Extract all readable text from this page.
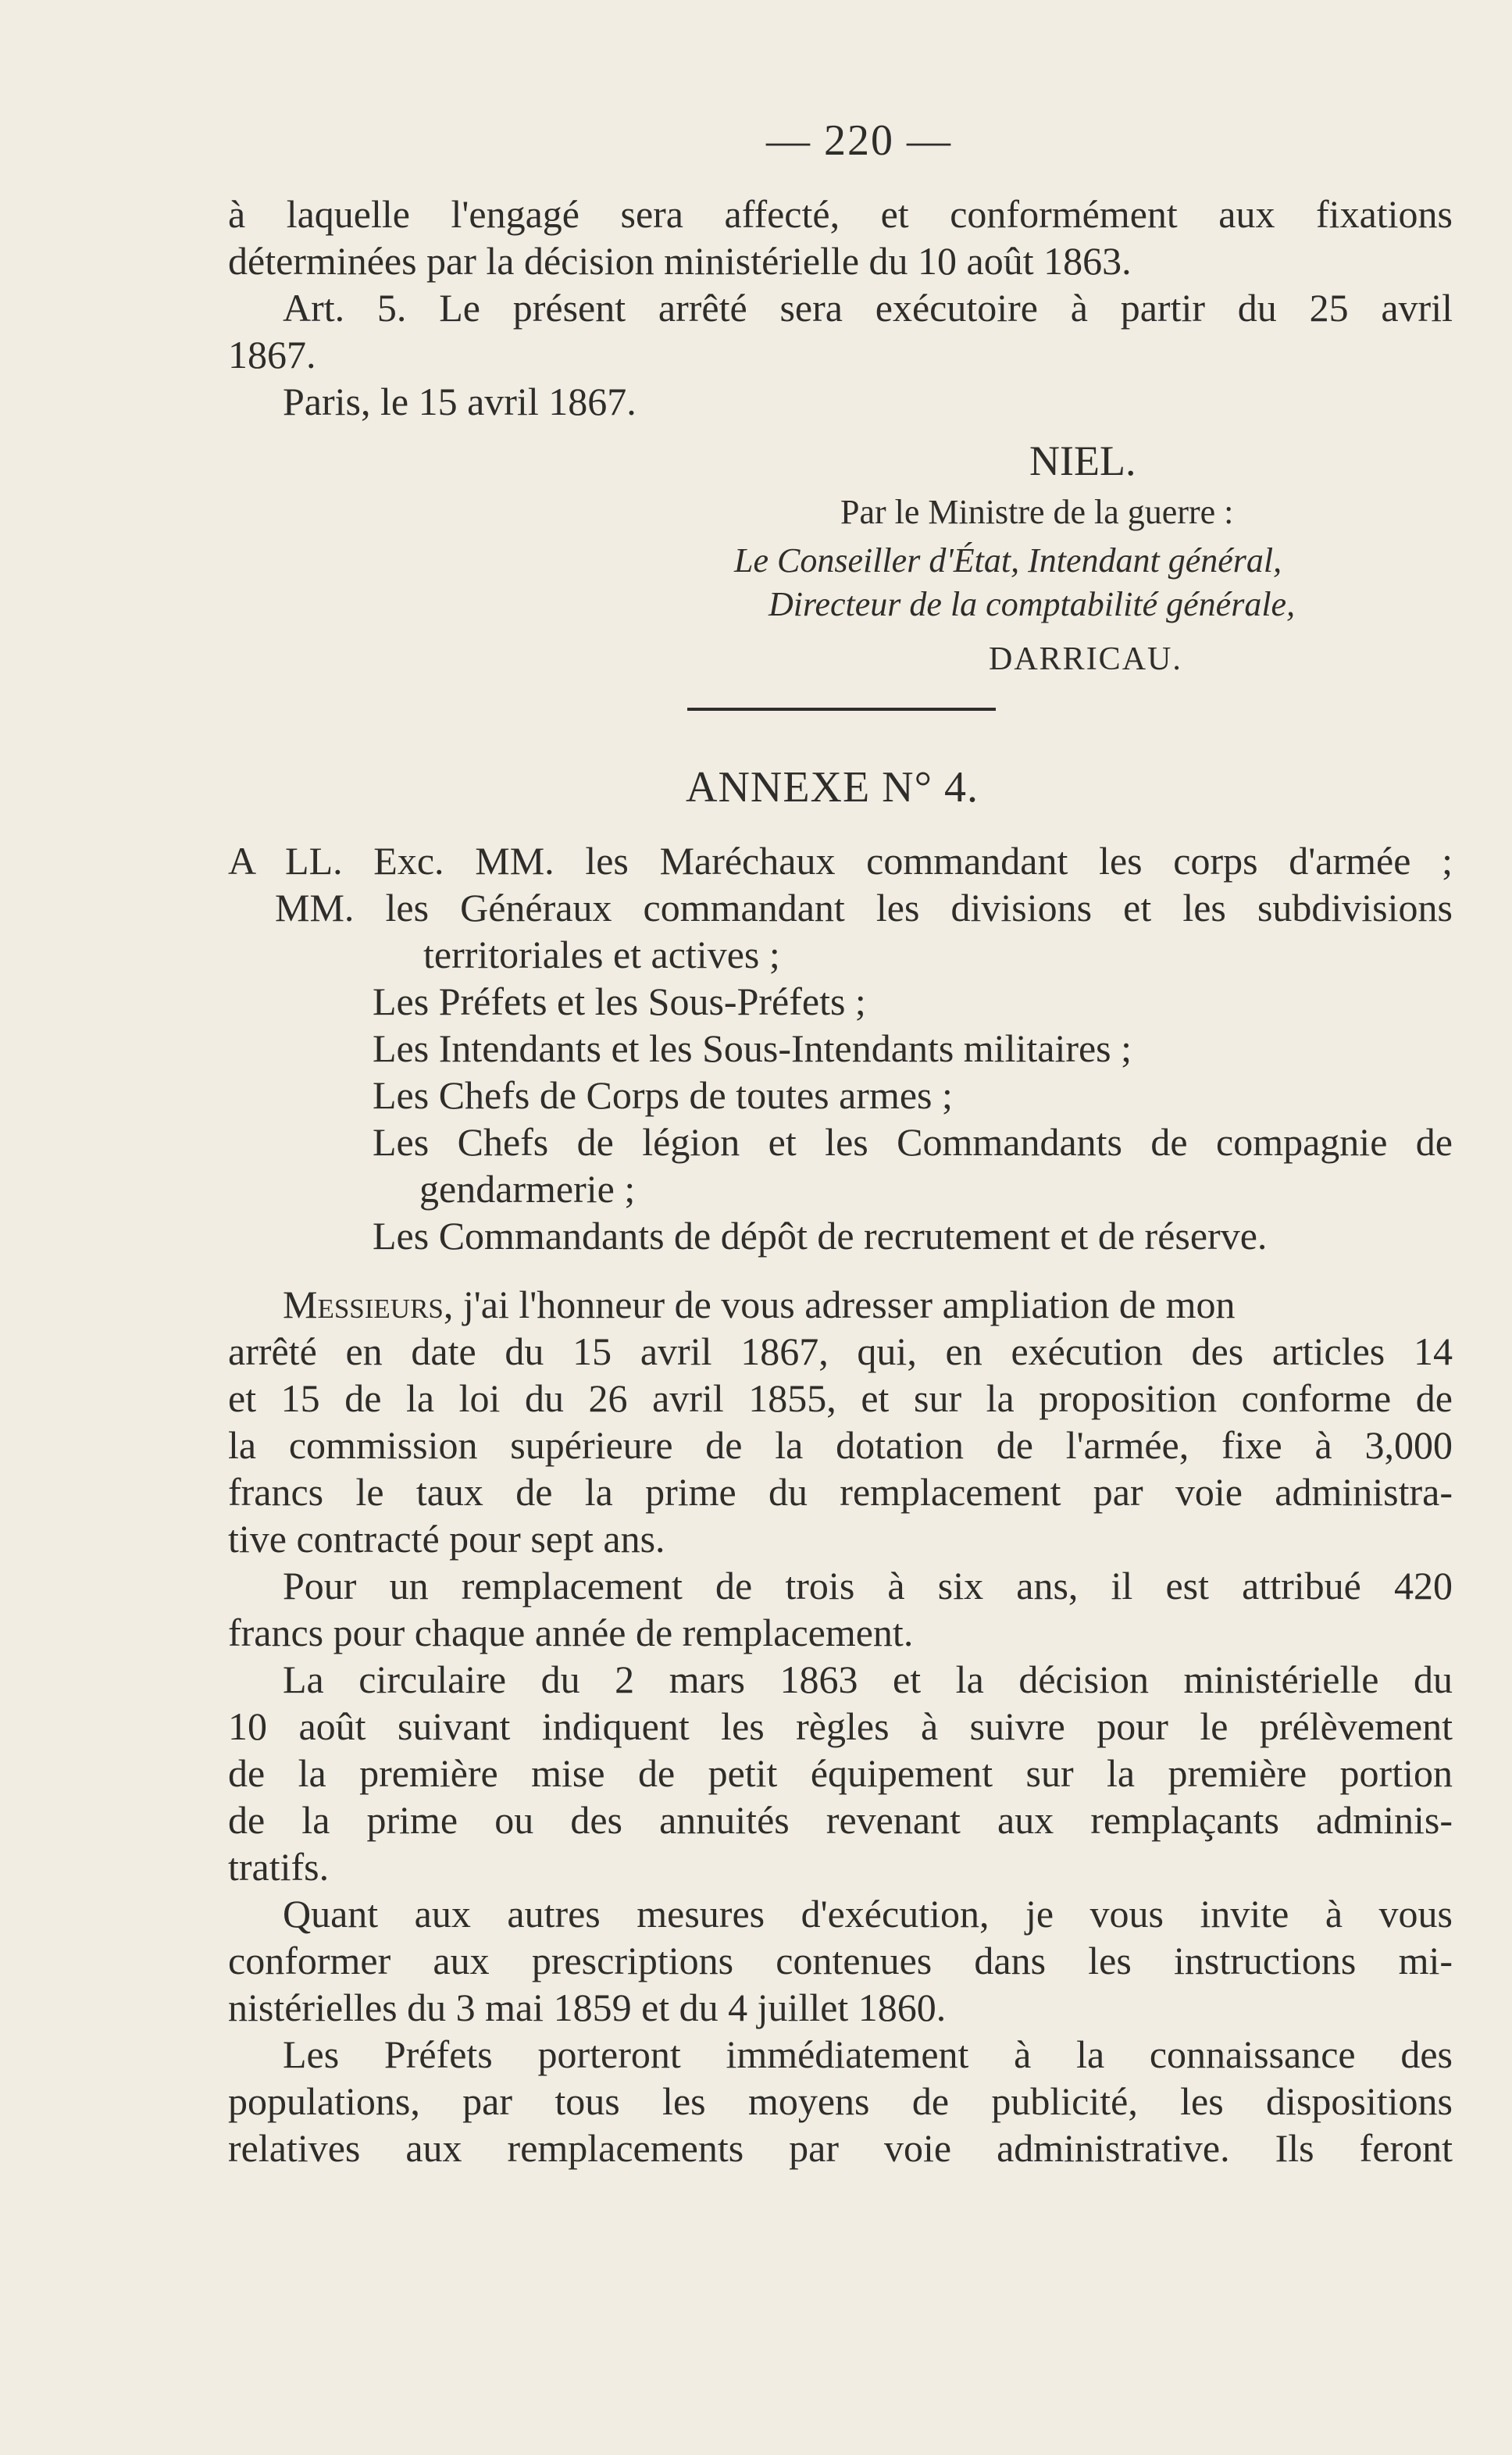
— 220 —
à laquelle l'engagé sera affecté, et conformément aux fixations
déterminées par la décision ministérielle du 10 août 1863.
Art. 5. Le présent arrêté sera exécutoire à partir du 25 avril
1867.
Paris, le 15 avril 1867.
NIEL.
Par le Ministre de la guerre :
Le Conseiller d'État, Intendant général,
Directeur de la comptabilité générale,
DARRICAU.
ANNEXE N° 4.
A LL. Exc. MM. les Maréchaux commandant les corps d'armée ;
MM. les Généraux commandant les divisions et les subdivisions
territoriales et actives ;
Les Préfets et les Sous-Préfets ;
Les Intendants et les Sous-Intendants militaires ;
Les Chefs de Corps de toutes armes ;
Les Chefs de légion et les Commandants de compagnie de
gendarmerie ;
Les Commandants de dépôt de recrutement et de réserve.
Messieurs, j'ai l'honneur de vous adresser ampliation de mon
arrêté en date du 15 avril 1867, qui, en exécution des articles 14
et 15 de la loi du 26 avril 1855, et sur la proposition conforme de
la commission supérieure de la dotation de l'armée, fixe à 3,000
francs le taux de la prime du remplacement par voie administra-
tive contracté pour sept ans.
Pour un remplacement de trois à six ans, il est attribué 420
francs pour chaque année de remplacement.
La circulaire du 2 mars 1863 et la décision ministérielle du
10 août suivant indiquent les règles à suivre pour le prélèvement
de la première mise de petit équipement sur la première portion
de la prime ou des annuités revenant aux remplaçants adminis-
tratifs.
Quant aux autres mesures d'exécution, je vous invite à vous
conformer aux prescriptions contenues dans les instructions mi-
nistérielles du 3 mai 1859 et du 4 juillet 1860.
Les Préfets porteront immédiatement à la connaissance des
populations, par tous les moyens de publicité, les dispositions
relatives aux remplacements par voie administrative. Ils feront
